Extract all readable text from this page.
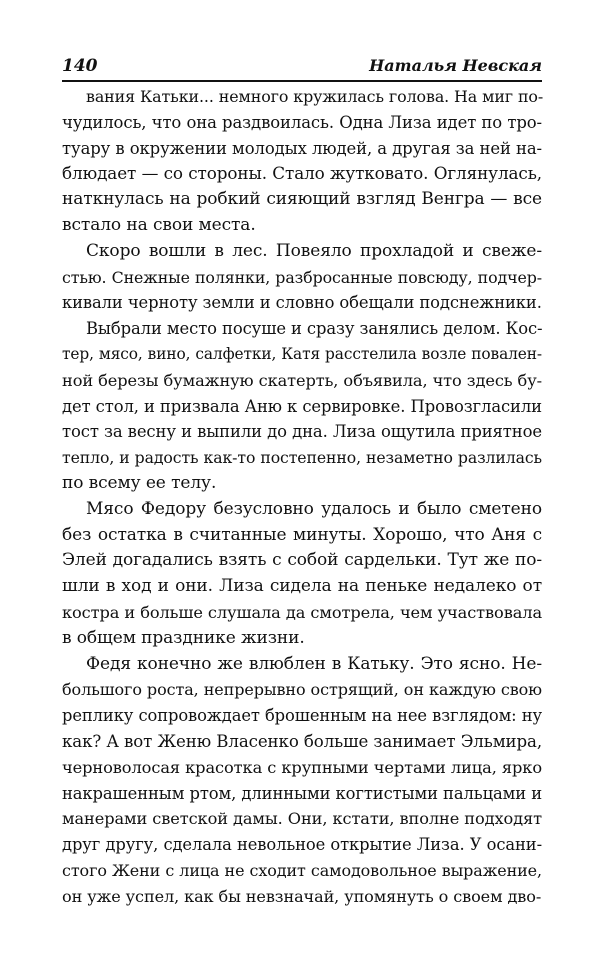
140	Наталья Невская
вания Катьки... немного кружилась голова. На миг по-
чудилось, что она раздвоилась. Одна Лиза идет по тро-
туару в окружении молодых людей, а другая за ней на-
блюдает — со стороны. Стало жутковато. Оглянулась,
наткнулась на робкий сияющий взгляд Венгра — все
встало на свои места.
Скоро вошли в лес. Повеяло прохладой и свеже-
стью. Снежные полянки, разбросанные повсюду, подчер-
кивали черноту земли и словно обещали подснежники.
Выбрали место посуше и сразу занялись делом. Кос-
тер, мясо, вино, салфетки, Катя расстелила возле повален-
ной березы бумажную скатерть, объявила, что здесь бу-
дет стол, и призвала Аню к сервировке. Провозгласили
тост за весну и выпили до дна. Лиза ощутила приятное
тепло, и радость как-то постепенно, незаметно разлилась
по всему ее телу.
Мясо Федору безусловно удалось и было сметено
без остатка в считанные минуты. Хорошо, что Аня с
Элей догадались взять с собой сардельки. Тут же по-
шли в ход и они. Лиза сидела на пеньке недалеко от
костра и больше слушала да смотрела, чем участвовала
в общем празднике жизни.
Федя конечно же влюблен в Катьку. Это ясно. Не-
большого роста, непрерывно острящий, он каждую свою
реплику сопровождает брошенным на нее взглядом: ну
как? А вот Женю Власенко больше занимает Эльмира,
черноволосая красотка с крупными чертами лица, ярко
накрашенным ртом, длинными когтистыми пальцами и
манерами светской дамы. Они, кстати, вполне подходят
друг другу, сделала невольное открытие Лиза. У осани-
стого Жени с лица не сходит самодовольное выражение,
он уже успел, как бы невзначай, упомянуть о своем дво-
